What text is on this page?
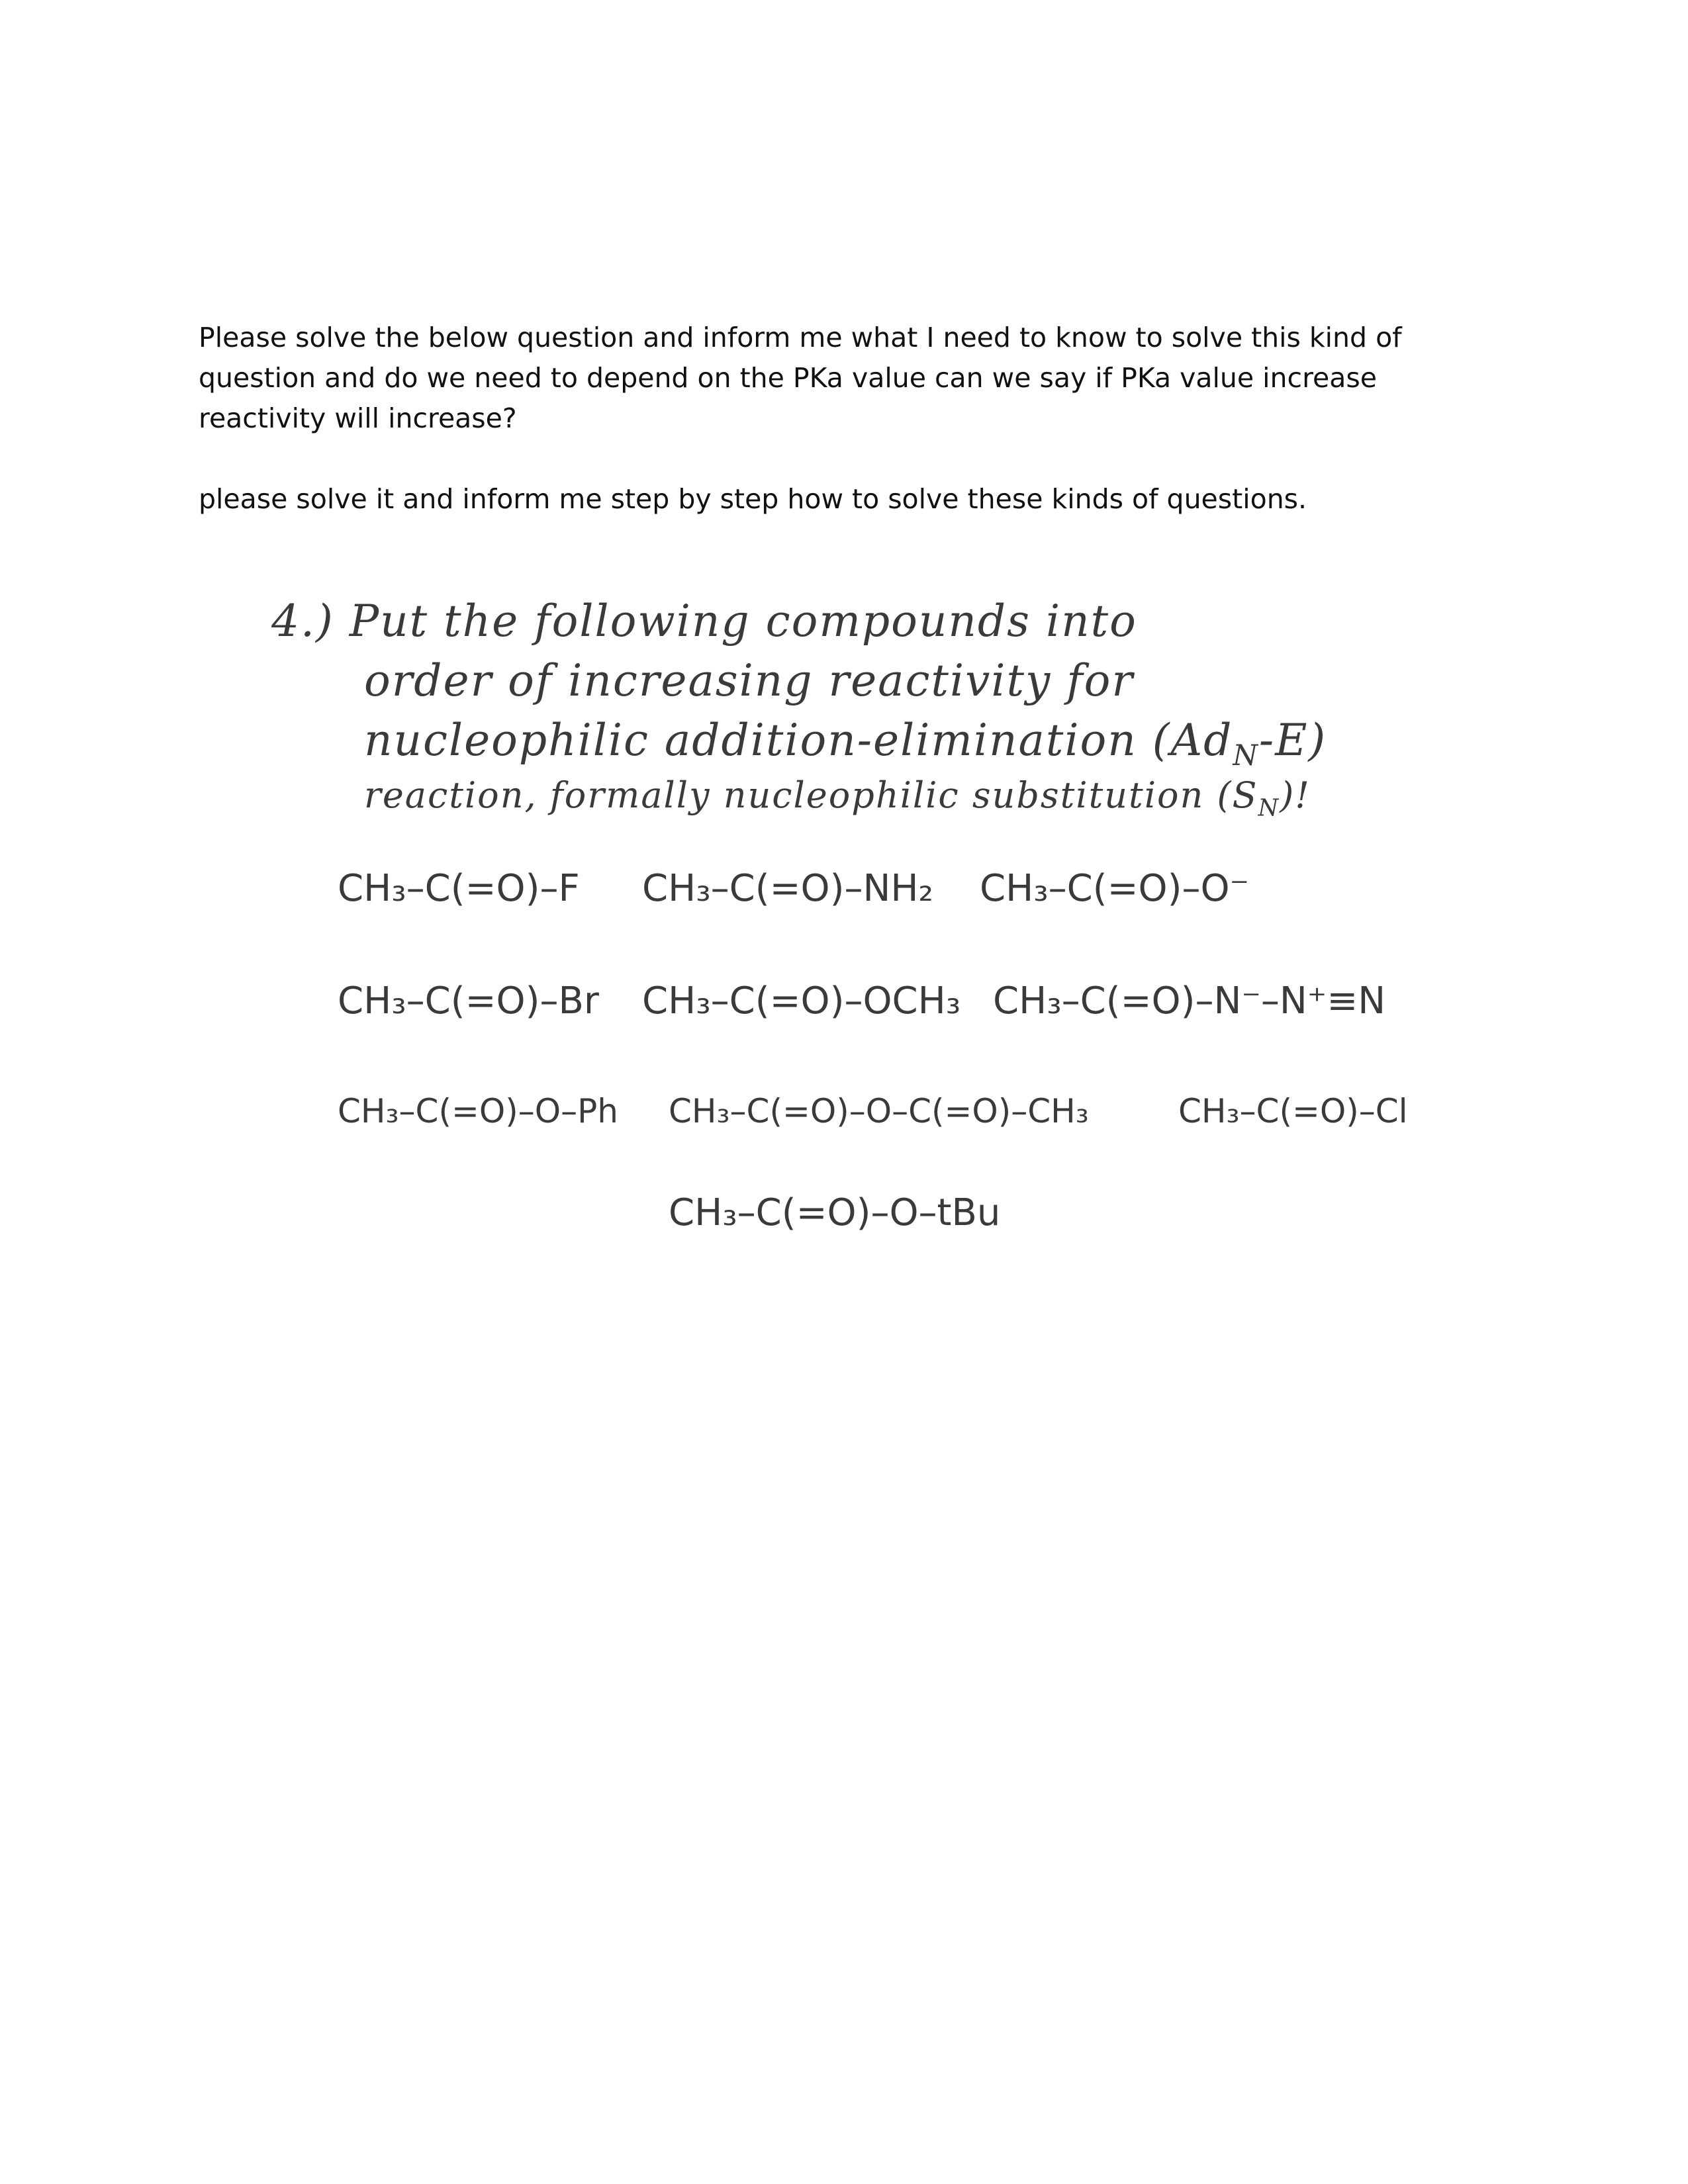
Please solve the below question and inform me what I need to know to solve this kind of question and do we need to depend on the PKa value can we say if PKa value increase reactivity will increase?

please solve it and inform me step by step how to solve these kinds of questions.

4.) Put the following compounds into
order of increasing reactivity for
nucleophilic addition-elimination $(Ad_N-E)$
reaction, formally nucleophilic substitution $(S_N)$!
CH₃–C(=O)–F CH₃–C(=O)–NH₂ CH₃–C(=O)–O⁻
CH₃–C(=O)–Br CH₃–C(=O)–OCH₃ CH₃–C(=O)–N⁻–N⁺≡N
CH₃–C(=O)–O–Ph CH₃–C(=O)–O–C(=O)–CH₃	CH₃–C(=O)–Cl
CH₃–C(=O)–O–tBu
